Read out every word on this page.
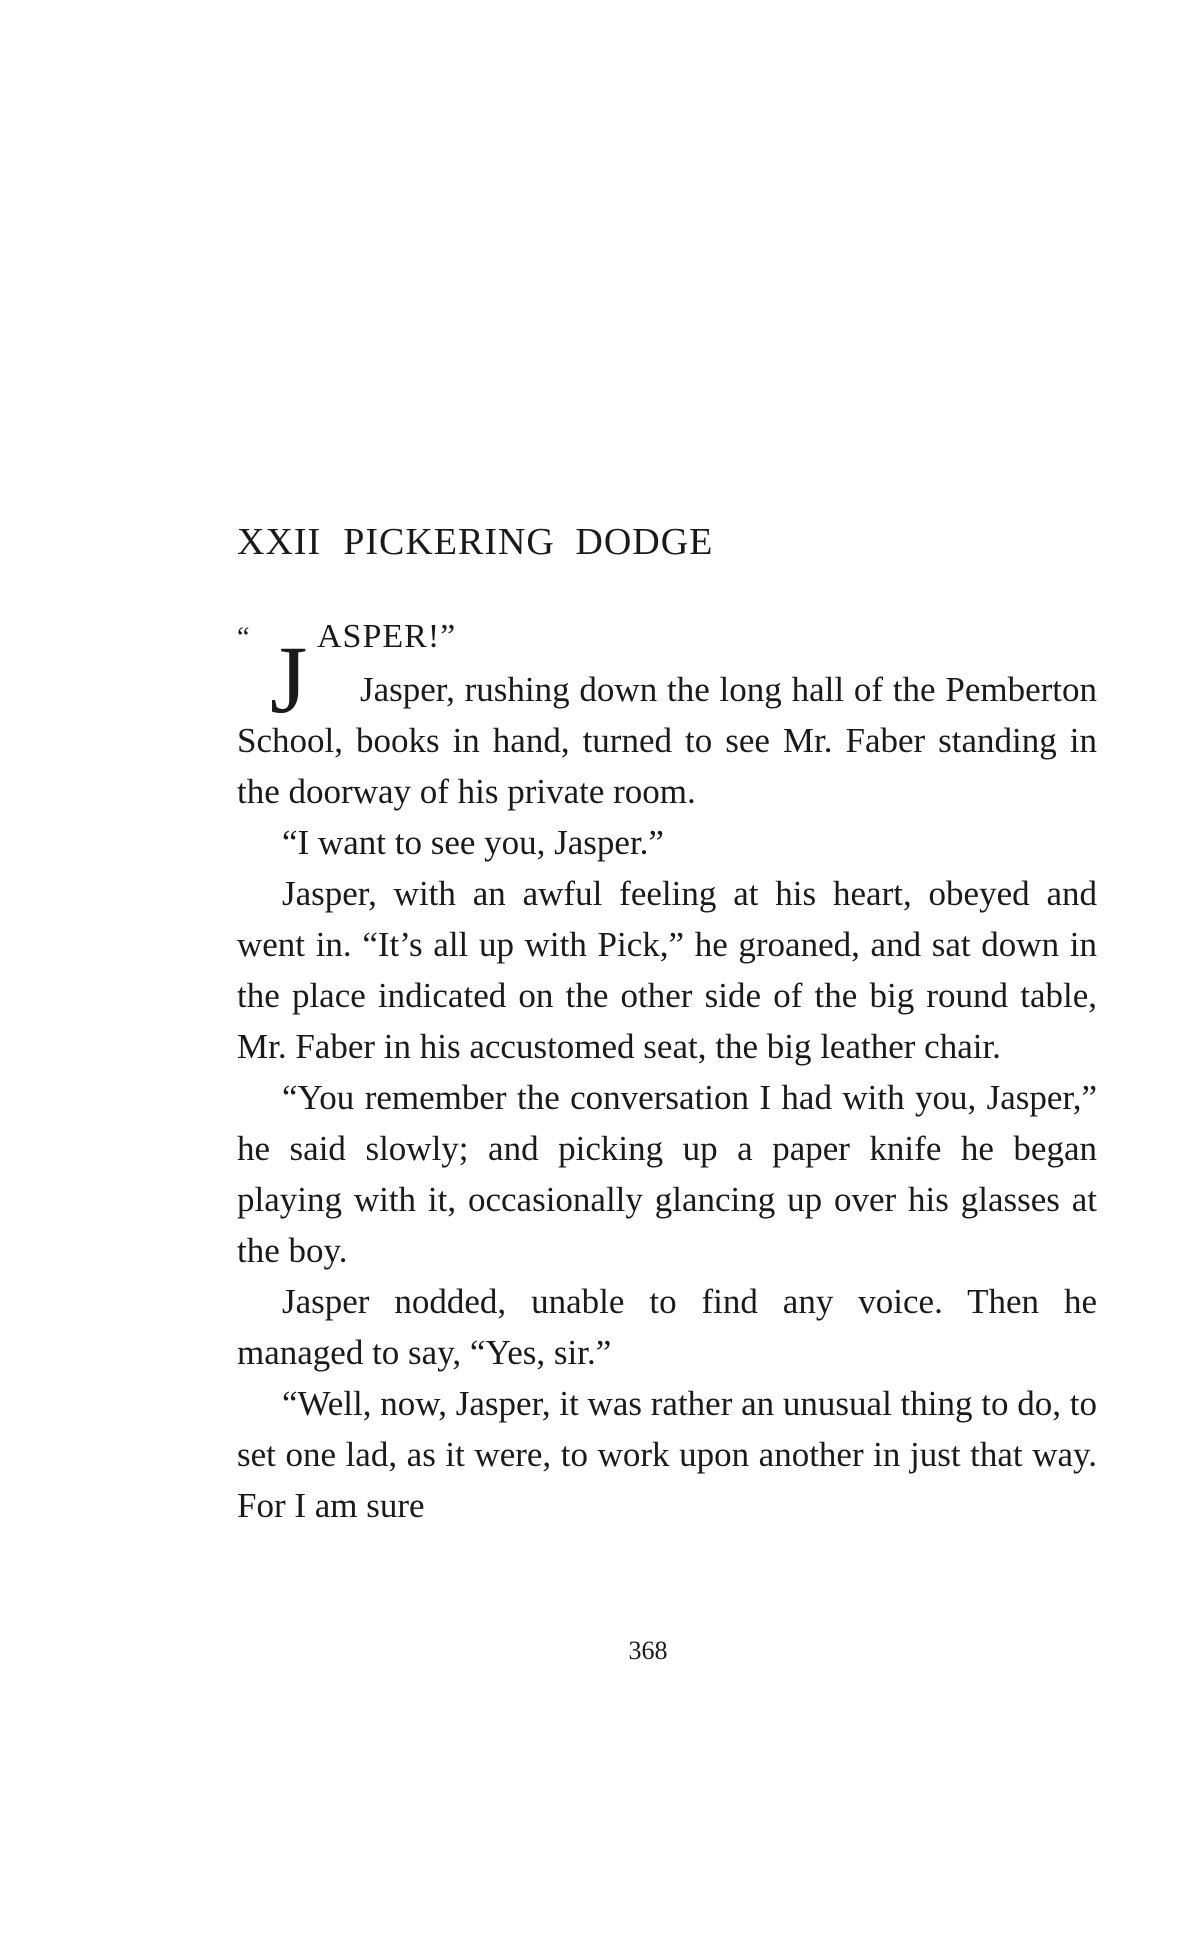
XXII PICKERING DODGE
“ J ASPER!”

Jasper, rushing down the long hall of the Pemberton School, books in hand, turned to see Mr. Faber standing in the doorway of his private room.

“I want to see you, Jasper.”

Jasper, with an awful feeling at his heart, obeyed and went in. “It’s all up with Pick,” he groaned, and sat down in the place indicated on the other side of the big round table, Mr. Faber in his accustomed seat, the big leather chair.

“You remember the conversation I had with you, Jasper,” he said slowly; and picking up a paper knife he began playing with it, occasionally glancing up over his glasses at the boy.

Jasper nodded, unable to find any voice. Then he managed to say, “Yes, sir.”

“Well, now, Jasper, it was rather an unusual thing to do, to set one lad, as it were, to work upon another in just that way. For I am sure

368
